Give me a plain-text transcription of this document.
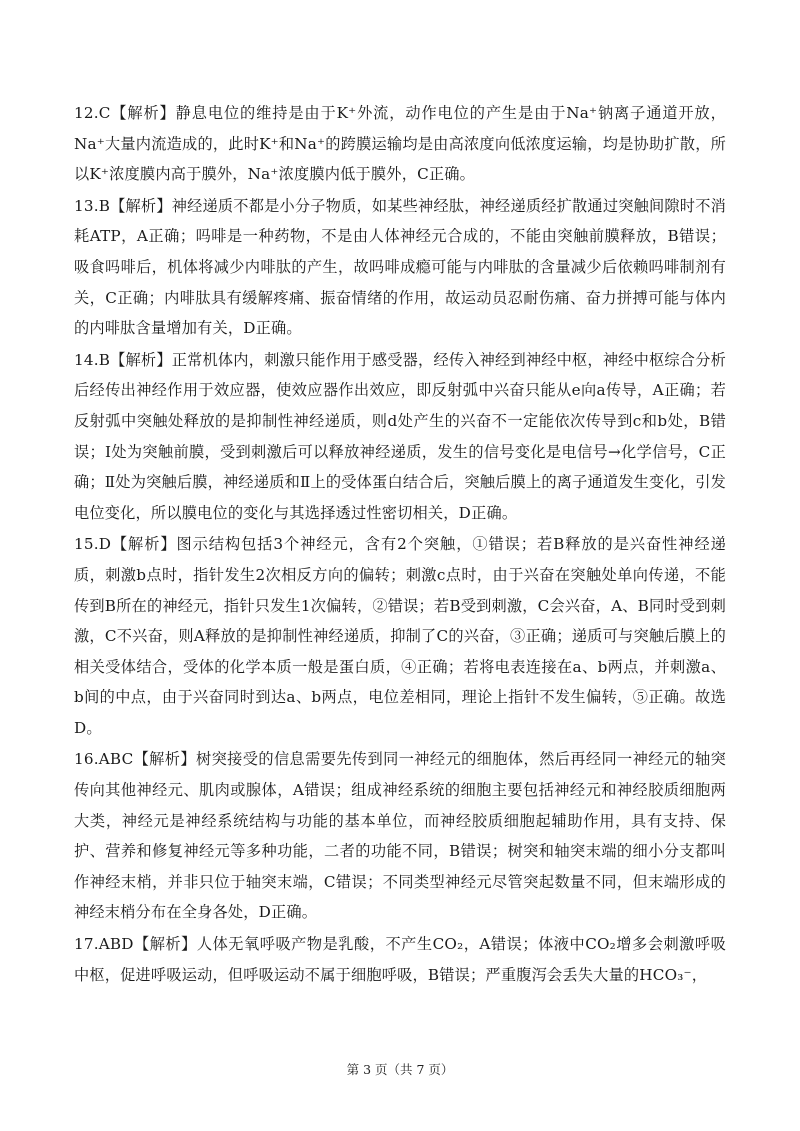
12.C【解析】静息电位的维持是由于K⁺外流，动作电位的产生是由于Na⁺钠离子通道开放，Na⁺大量内流造成的，此时K⁺和Na⁺的跨膜运输均是由高浓度向低浓度运输，均是协助扩散，所以K⁺浓度膜内高于膜外，Na⁺浓度膜内低于膜外，C正确。

13.B【解析】神经递质不都是小分子物质，如某些神经肽，神经递质经扩散通过突触间隙时不消耗ATP，A正确；吗啡是一种药物，不是由人体神经元合成的，不能由突触前膜释放，B错误；吸食吗啡后，机体将减少内啡肽的产生，故吗啡成瘾可能与内啡肽的含量减少后依赖吗啡制剂有关，C正确；内啡肽具有缓解疼痛、振奋情绪的作用，故运动员忍耐伤痛、奋力拼搏可能与体内的内啡肽含量增加有关，D正确。

14.B【解析】正常机体内，刺激只能作用于感受器，经传入神经到神经中枢，神经中枢综合分析后经传出神经作用于效应器，使效应器作出效应，即反射弧中兴奋只能从e向a传导，A正确；若反射弧中突触处释放的是抑制性神经递质，则d处产生的兴奋不一定能依次传导到c和b处，B错误；Ⅰ处为突触前膜，受到刺激后可以释放神经递质，发生的信号变化是电信号→化学信号，C正确；Ⅱ处为突触后膜，神经递质和Ⅱ上的受体蛋白结合后，突触后膜上的离子通道发生变化，引发电位变化，所以膜电位的变化与其选择透过性密切相关，D正确。

15.D【解析】图示结构包括3个神经元，含有2个突触，①错误；若B释放的是兴奋性神经递质，刺激b点时，指针发生2次相反方向的偏转；刺激c点时，由于兴奋在突触处单向传递，不能传到B所在的神经元，指针只发生1次偏转，②错误；若B受到刺激，C会兴奋，A、B同时受到刺激，C不兴奋，则A释放的是抑制性神经递质，抑制了C的兴奋，③正确；递质可与突触后膜上的相关受体结合，受体的化学本质一般是蛋白质，④正确；若将电表连接在a、b两点，并刺激a、b间的中点，由于兴奋同时到达a、b两点，电位差相同，理论上指针不发生偏转，⑤正确。故选D。

16.ABC【解析】树突接受的信息需要先传到同一神经元的细胞体，然后再经同一神经元的轴突传向其他神经元、肌肉或腺体，A错误；组成神经系统的细胞主要包括神经元和神经胶质细胞两大类，神经元是神经系统结构与功能的基本单位，而神经胶质细胞起辅助作用，具有支持、保护、营养和修复神经元等多种功能，二者的功能不同，B错误；树突和轴突末端的细小分支都叫作神经末梢，并非只位于轴突末端，C错误；不同类型神经元尽管突起数量不同，但末端形成的神经末梢分布在全身各处，D正确。

17.ABD【解析】人体无氧呼吸产物是乳酸，不产生CO₂，A错误；体液中CO₂增多会刺激呼吸中枢，促进呼吸运动，但呼吸运动不属于细胞呼吸，B错误；严重腹泻会丢失大量的HCO₃⁻，

第 3 页（共 7 页）
